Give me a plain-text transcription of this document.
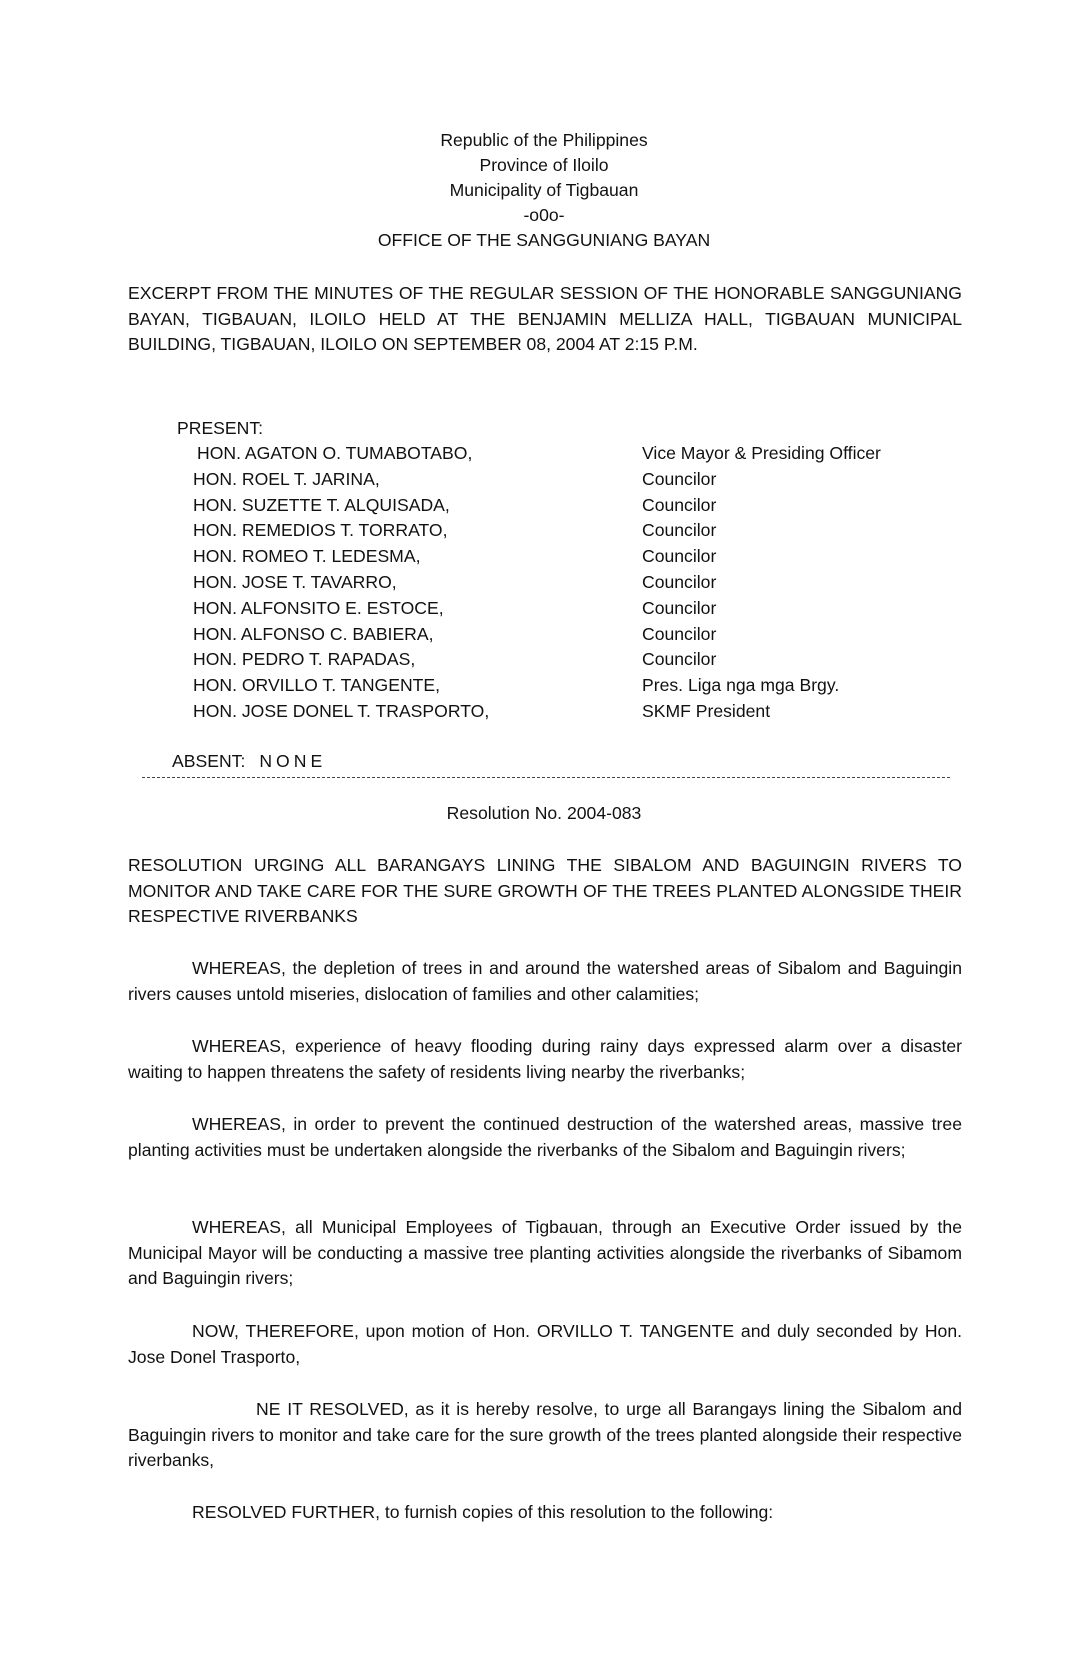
Republic of the Philippines
Province of Iloilo
Municipality of Tigbauan
-o0o-
OFFICE OF THE SANGGUNIANG BAYAN
EXCERPT FROM THE MINUTES OF THE REGULAR SESSION OF THE HONORABLE SANGGUNIANG BAYAN, TIGBAUAN, ILOILO HELD AT THE BENJAMIN MELLIZA HALL, TIGBAUAN MUNICIPAL BUILDING, TIGBAUAN, ILOILO ON SEPTEMBER 08, 2004 AT 2:15 P.M.
PRESENT:
HON. AGATON O. TUMABOTABO,	Vice Mayor & Presiding Officer
HON. ROEL T. JARINA,	Councilor
HON. SUZETTE T. ALQUISADA,	Councilor
HON. REMEDIOS T. TORRATO,	Councilor
HON. ROMEO T. LEDESMA,	Councilor
HON. JOSE T. TAVARRO,	Councilor
HON. ALFONSITO E. ESTOCE,	Councilor
HON. ALFONSO C. BABIERA,	Councilor
HON. PEDRO T. RAPADAS,	Councilor
HON. ORVILLO T. TANGENTE,	Pres. Liga nga mga Brgy.
HON. JOSE DONEL T. TRASPORTO,	SKMF President
ABSENT: NONE
Resolution No. 2004-083
RESOLUTION URGING ALL BARANGAYS LINING THE SIBALOM AND BAGUINGIN RIVERS TO MONITOR AND TAKE CARE FOR THE SURE GROWTH OF THE TREES PLANTED ALONGSIDE THEIR RESPECTIVE RIVERBANKS
WHEREAS, the depletion of trees in and around the watershed areas of Sibalom and Baguingin rivers causes untold miseries, dislocation of families and other calamities;
WHEREAS, experience of heavy flooding during rainy days expressed alarm over a disaster waiting to happen threatens the safety of residents living nearby the riverbanks;
WHEREAS, in order to prevent the continued destruction of the watershed areas, massive tree planting activities must be undertaken alongside the riverbanks of the Sibalom and Baguingin rivers;
WHEREAS, all Municipal Employees of Tigbauan, through an Executive Order issued by the Municipal Mayor will be conducting a massive tree planting activities alongside the riverbanks of Sibamom and Baguingin rivers;
NOW, THEREFORE, upon motion of Hon. ORVILLO T. TANGENTE and duly seconded by Hon. Jose Donel Trasporto,
NE IT RESOLVED, as it is hereby resolve, to urge all Barangays lining the Sibalom and Baguingin rivers to monitor and take care for the sure growth of the trees planted alongside their respective riverbanks,
RESOLVED FURTHER, to furnish copies of this resolution to the following:
